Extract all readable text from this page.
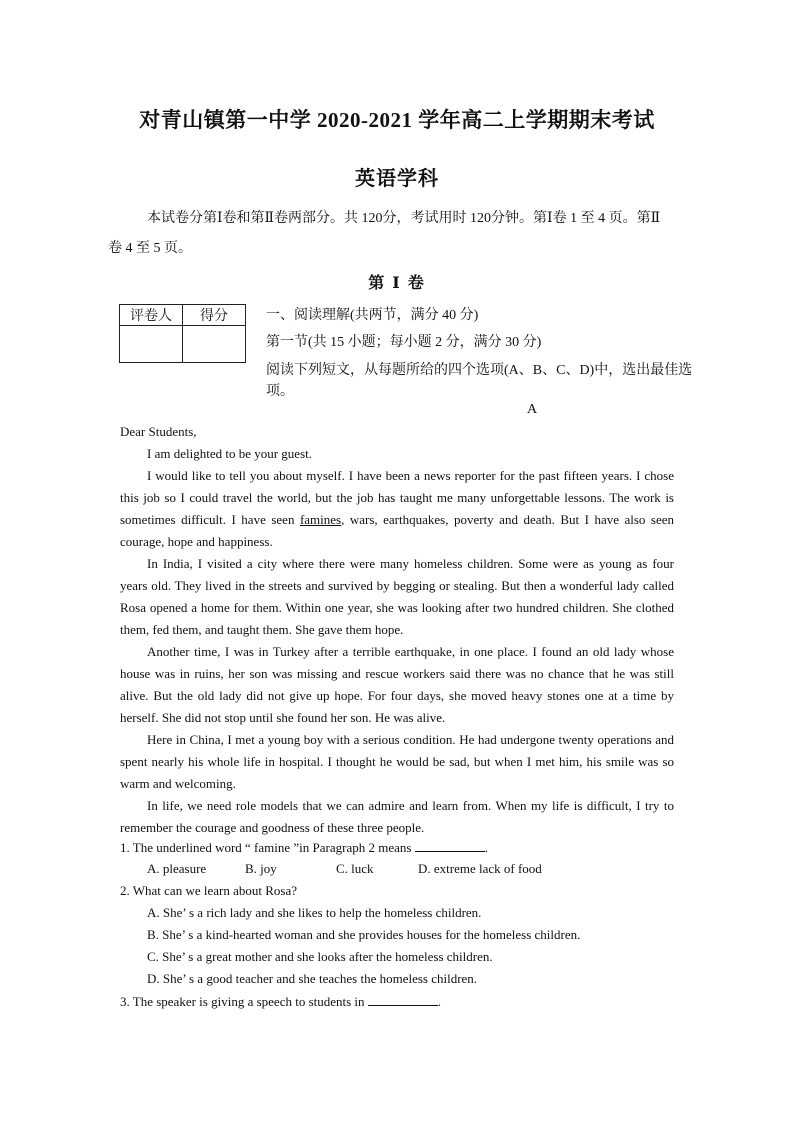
对青山镇第一中学 2020-2021 学年高二上学期期末考试
英语学科
本试卷分第Ⅰ卷和第Ⅱ卷两部分。共 120分，考试用时 120分钟。第Ⅰ卷 1 至 4 页。第Ⅱ
卷 4 至 5 页。
第 Ⅰ 卷
评卷人	得分
		一、阅读理解(共两节，满分 40 分)
第一节(共 15 小题；每小题 2 分，满分 30 分)
阅读下列短文，从每题所给的四个选项(A、B、C、D)中，选出最佳选
项。
A
Dear Students,
I am delighted to be your guest.
I would like to tell you about myself. I have been a news reporter for the past fifteen years. I chose this job so I could travel the world, but the job has taught me many unforgettable lessons. The work is sometimes difficult. I have seen famines, wars, earthquakes, poverty and death. But I have also seen courage, hope and happiness.
In India, I visited a city where there were many homeless children. Some were as young as four years old. They lived in the streets and survived by begging or stealing. But then a wonderful lady called Rosa opened a home for them. Within one year, she was looking after two hundred children. She clothed them, fed them, and taught them. She gave them hope.
Another time, I was in Turkey after a terrible earthquake, in one place. I found an old lady whose house was in ruins, her son was missing and rescue workers said there was no chance that he was still alive. But the old lady did not give up hope. For four days, she moved heavy stones one at a time by herself. She did not stop until she found her son. He was alive.
Here in China, I met a young boy with a serious condition. He had undergone twenty operations and spent nearly his whole life in hospital. I thought he would be sad, but when I met him, his smile was so warm and welcoming.
In life, we need role models that we can admire and learn from. When my life is difficult, I try to remember the courage and goodness of these three people.
1. The underlined word “ famine ”in Paragraph 2 means	.
A. pleasure	B. joy	C. luck	D. extreme lack of food
2. What can we learn about Rosa?
A. She’ s a rich lady and she likes to help the homeless children.
B. She’ s a kind-hearted woman and she provides houses for the homeless children.
C. She’ s a great mother and she looks after the homeless children.
D. She’ s a good teacher and she teaches the homeless children.
3. The speaker is giving a speech to students in	.
